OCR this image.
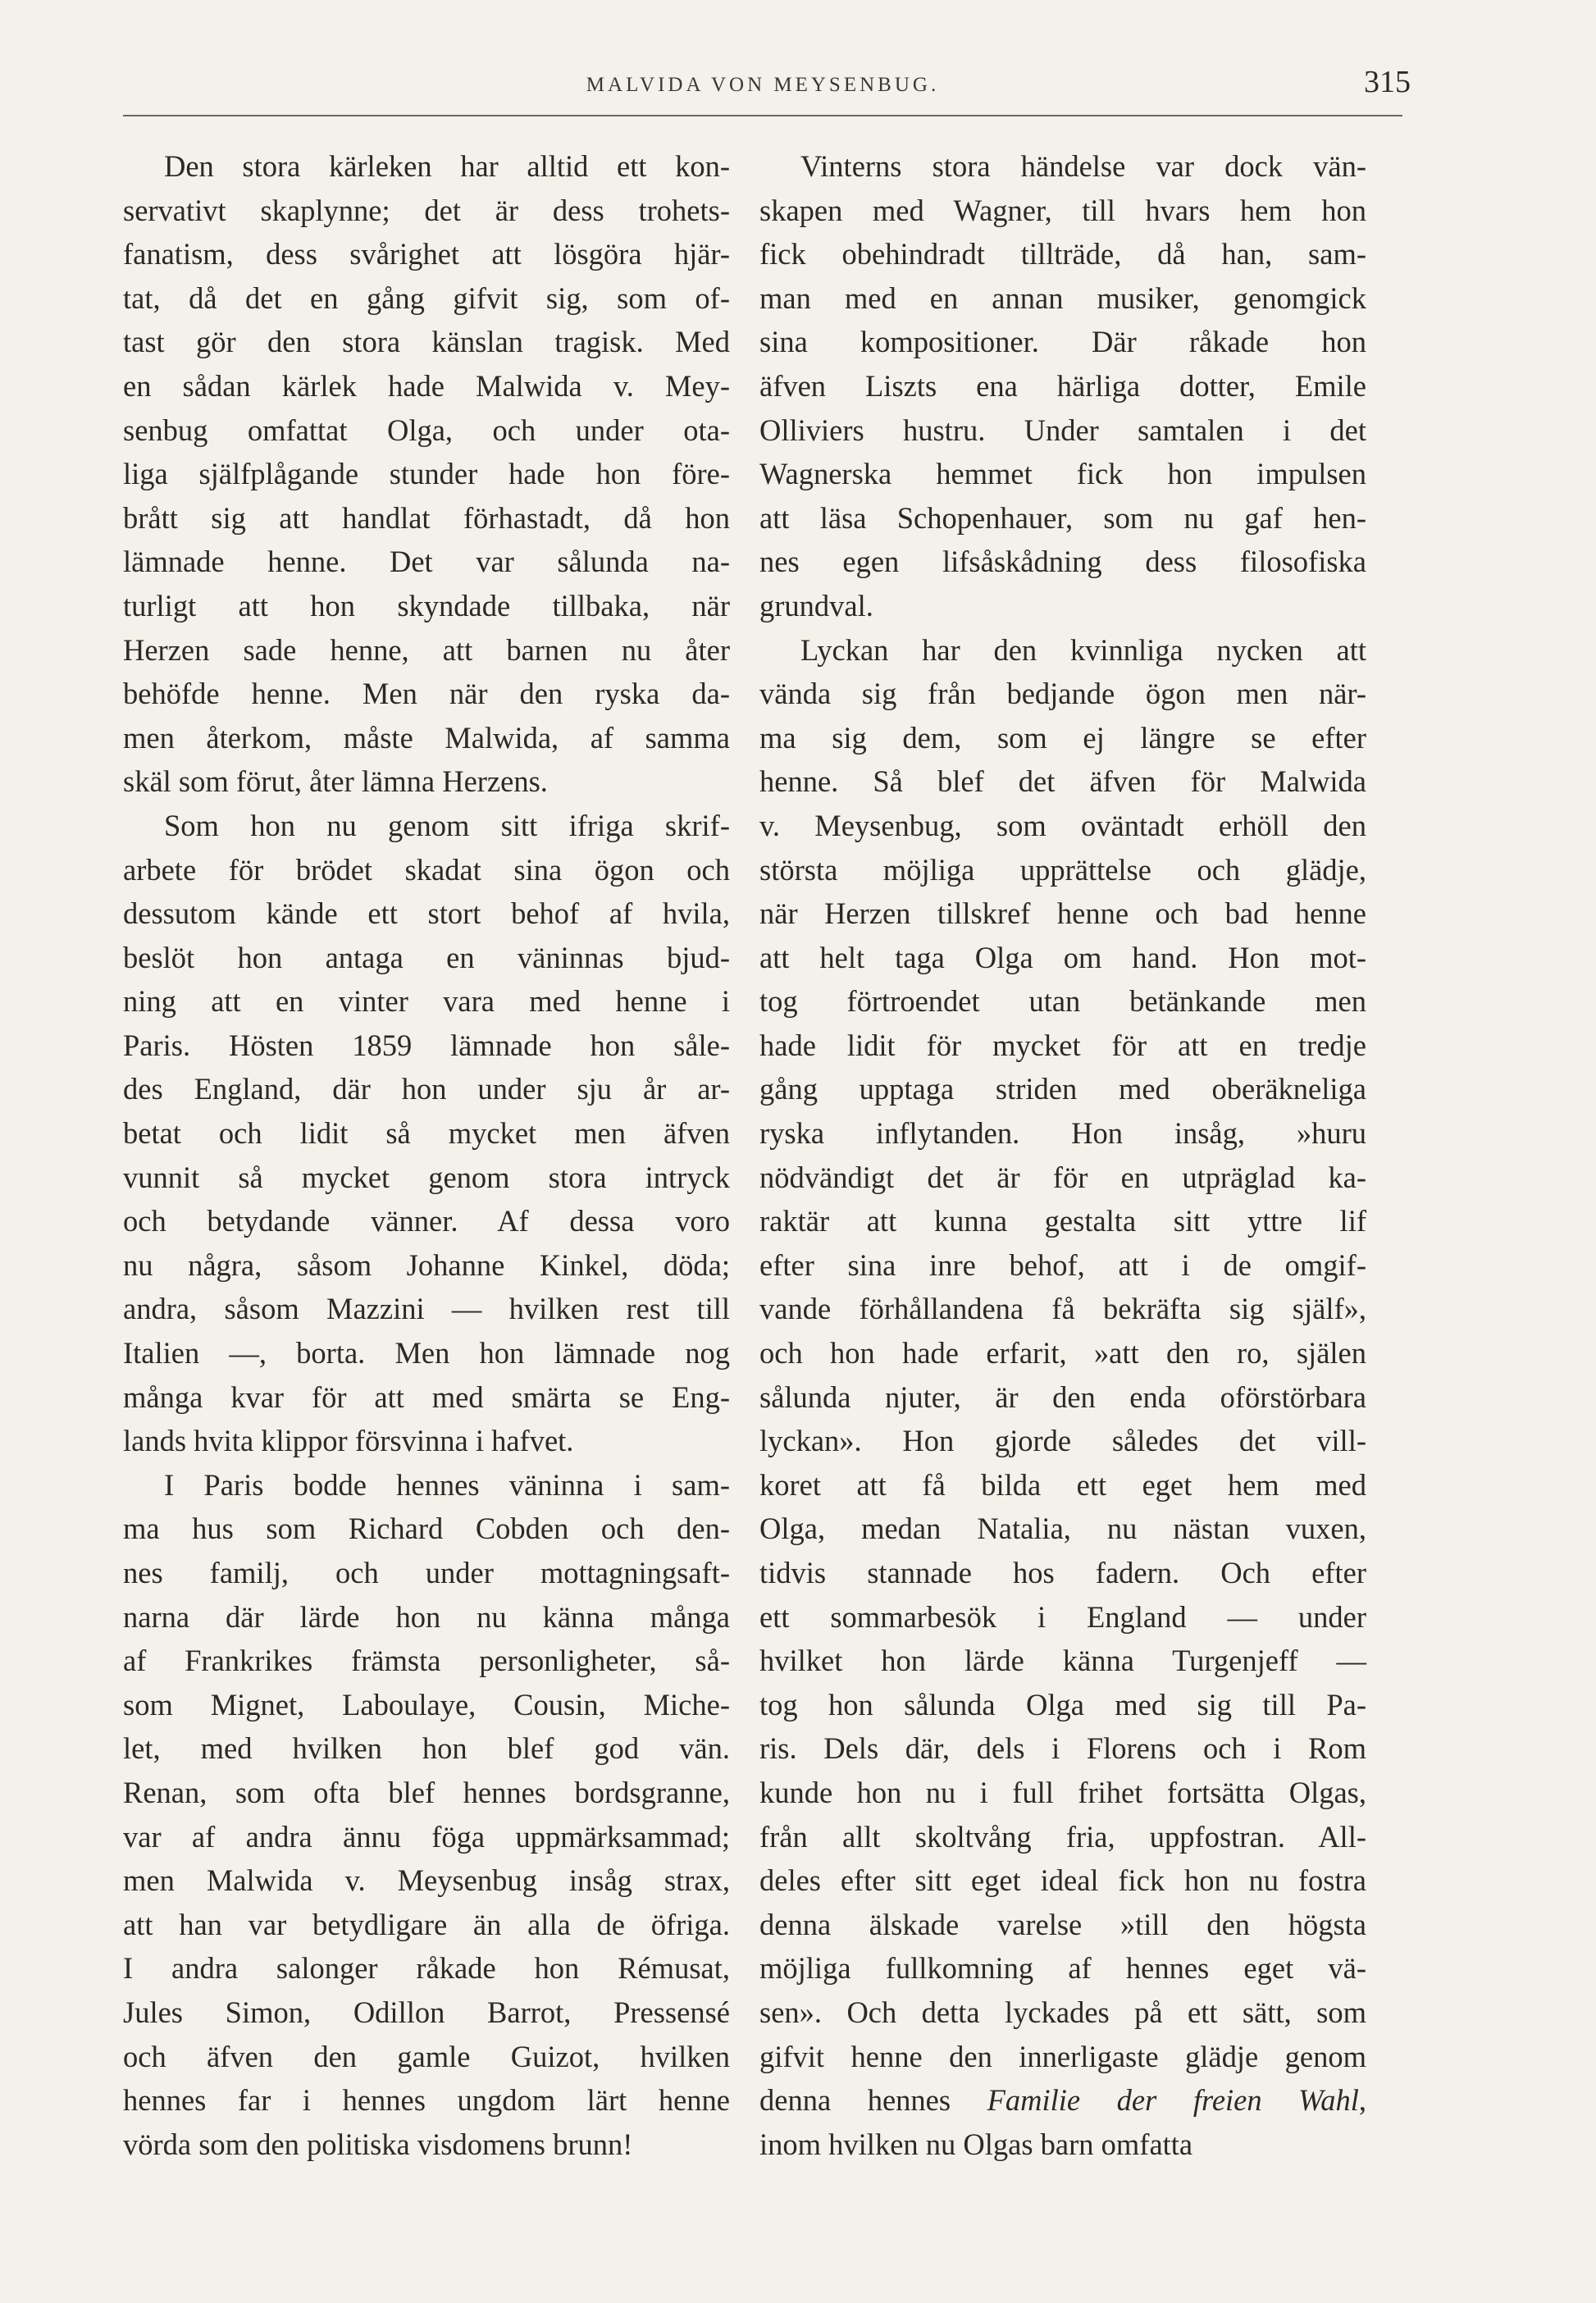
MALVIDA VON MEYSENBUG.	315
Den stora kärleken har alltid ett kon-
servativt skaplynne; det är dess trohets-
fanatism, dess svårighet att lösgöra hjär-
tat, då det en gång gifvit sig, som of-
tast gör den stora känslan tragisk. Med
en sådan kärlek hade Malwida v. Mey-
senbug omfattat Olga, och under ota-
liga själfplågande stunder hade hon före-
brått sig att handlat förhastadt, då hon
lämnade henne. Det var sålunda na-
turligt att hon skyndade tillbaka, när
Herzen sade henne, att barnen nu åter
behöfde henne. Men när den ryska da-
men återkom, måste Malwida, af samma
skäl som förut, åter lämna Herzens.
Som hon nu genom sitt ifriga skrif-
arbete för brödet skadat sina ögon och
dessutom kände ett stort behof af hvila,
beslöt hon antaga en väninnas bjud-
ning att en vinter vara med henne i
Paris. Hösten 1859 lämnade hon såle-
des England, där hon under sju år ar-
betat och lidit så mycket men äfven
vunnit så mycket genom stora intryck
och betydande vänner. Af dessa voro
nu några, såsom Johanne Kinkel, döda;
andra, såsom Mazzini — hvilken rest till
Italien —, borta. Men hon lämnade nog
många kvar för att med smärta se Eng-
lands hvita klippor försvinna i hafvet.
I Paris bodde hennes väninna i sam-
ma hus som Richard Cobden och den-
nes familj, och under mottagningsaft-
narna där lärde hon nu känna många
af Frankrikes främsta personligheter, så-
som Mignet, Laboulaye, Cousin, Miche-
let, med hvilken hon blef god vän.
Renan, som ofta blef hennes bordsgranne,
var af andra ännu föga uppmärksammad;
men Malwida v. Meysenbug insåg strax,
att han var betydligare än alla de öfriga.
I andra salonger råkade hon Rémusat,
Jules Simon, Odillon Barrot, Pressensé
och äfven den gamle Guizot, hvilken
hennes far i hennes ungdom lärt henne
vörda som den politiska visdomens brunn!
Vinterns stora händelse var dock vän-
skapen med Wagner, till hvars hem hon
fick obehindradt tillträde, då han, sam-
man med en annan musiker, genomgick
sina kompositioner. Där råkade hon
äfven Liszts ena härliga dotter, Emile
Olliviers hustru. Under samtalen i det
Wagnerska hemmet fick hon impulsen
att läsa Schopenhauer, som nu gaf hen-
nes egen lifsåskådning dess filosofiska
grundval.
Lyckan har den kvinnliga nycken att
vända sig från bedjande ögon men när-
ma sig dem, som ej längre se efter
henne. Så blef det äfven för Malwida
v. Meysenbug, som oväntadt erhöll den
största möjliga upprättelse och glädje,
när Herzen tillskref henne och bad henne
att helt taga Olga om hand. Hon mot-
tog förtroendet utan betänkande men
hade lidit för mycket för att en tredje
gång upptaga striden med oberäkneliga
ryska inflytanden. Hon insåg, »huru
nödvändigt det är för en utpräglad ka-
raktär att kunna gestalta sitt yttre lif
efter sina inre behof, att i de omgif-
vande förhållandena få bekräfta sig själf»,
och hon hade erfarit, »att den ro, själen
sålunda njuter, är den enda oförstörbara
lyckan». Hon gjorde således det vill-
koret att få bilda ett eget hem med
Olga, medan Natalia, nu nästan vuxen,
tidvis stannade hos fadern. Och efter
ett sommarbesök i England — under
hvilket hon lärde känna Turgenjeff —
tog hon sålunda Olga med sig till Pa-
ris. Dels där, dels i Florens och i Rom
kunde hon nu i full frihet fortsätta Olgas,
från allt skoltvång fria, uppfostran. All-
deles efter sitt eget ideal fick hon nu fostra
denna älskade varelse »till den högsta
möjliga fullkomning af hennes eget vä-
sen». Och detta lyckades på ett sätt, som
gifvit henne den innerligaste glädje genom
denna hennes Familie der freien Wahl,
inom hvilken nu Olgas barn omfatta
